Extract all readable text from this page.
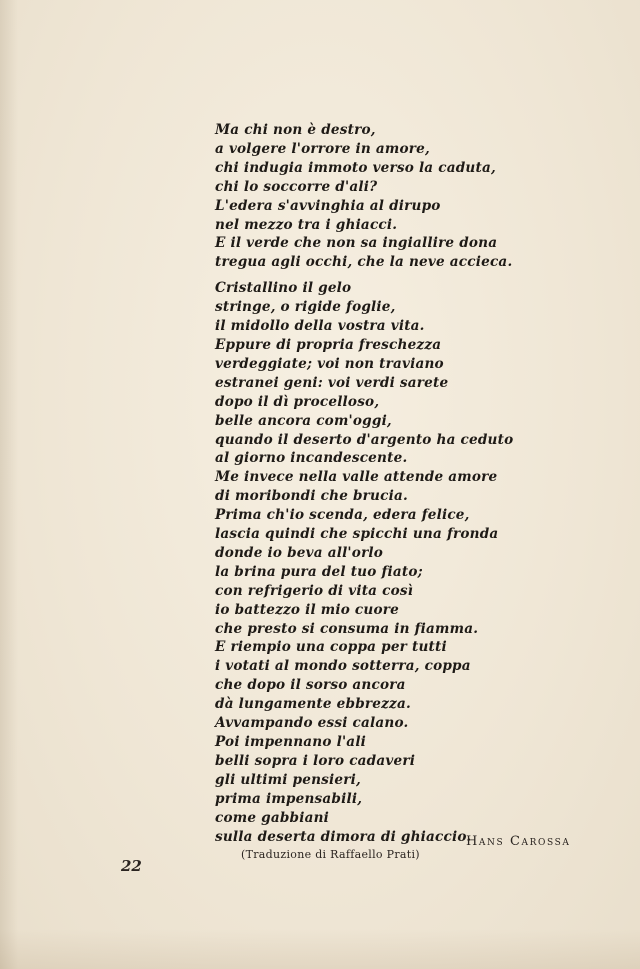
Ma chi non è destro,
a volgere l'orrore in amore,
chi indugia immoto verso la caduta,
chi lo soccorre d'ali?
L'edera s'avvinghia al dirupo
nel mezzo tra i ghiacci.
E il verde che non sa ingiallire dona
tregua agli occhi, che la neve accieca.
Cristallino il gelo
stringe, o rigide foglie,
il midollo della vostra vita.
Eppure di propria freschezza
verdeggiate; voi non traviano
estranei geni: voi verdi sarete
dopo il dì procelloso,
belle ancora com'oggi,
quando il deserto d'argento ha ceduto
al giorno incandescente.
Me invece nella valle attende amore
di moribondi che brucia.
Prima ch'io scenda, edera felice,
lascia quindi che spicchi una fronda
donde io beva all'orlo
la brina pura del tuo fiato;
con refrigerio di vita così
io battezzo il mio cuore
che presto si consuma in fiamma.
E riempio una coppa per tutti
i votati al mondo sotterra, coppa
che dopo il sorso ancora
dà lungamente ebbrezza.
Avvampando essi calano.
Poi impennano l'ali
belli sopra i loro cadaveri
gli ultimi pensieri,
prima impensabili,
come gabbiani
sulla deserta dimora di ghiaccio.
Hans Carossa
(Traduzione di Raffaello Prati)
22
